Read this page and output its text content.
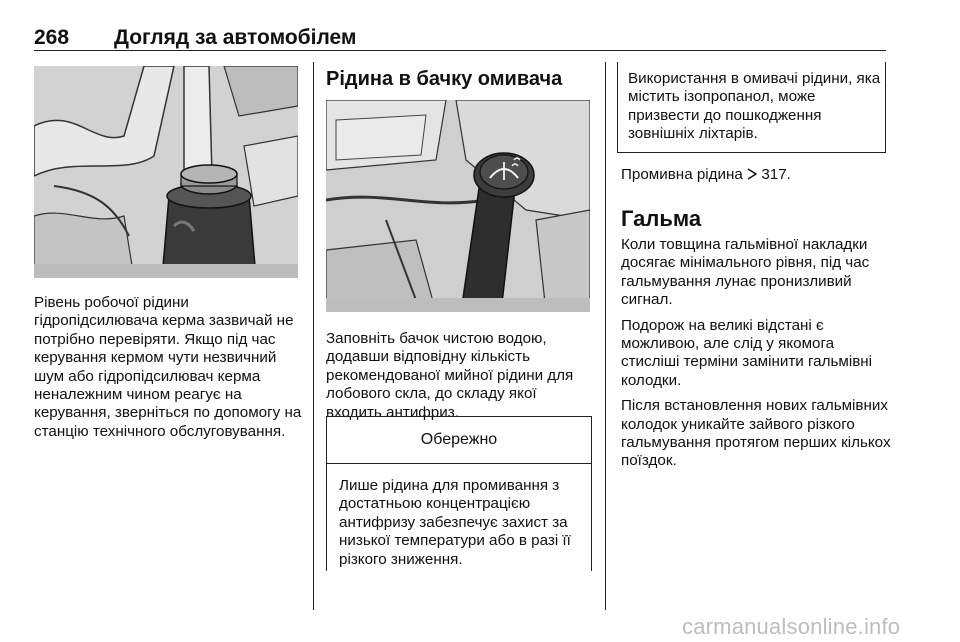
268 Догляд за автомобілем

Рівень робочої рідини гідропідсилювача керма зазвичай не потрібно перевіряти. Якщо під час керування кермом чути незвичний шум або гідропідсилювач керма неналежним чином реагує на керування, зверніться по допомогу на станцію технічного обслуговування.

Рідина в бачку омивача

Заповніть бачок чистою водою, додавши відповідну кількість рекомендованої мийної рідини для лобового скла, до складу якої входить антифриз.

Обережно
Лише рідина для промивання з достатньою концентрацією антифризу забезпечує захист за низької температури або в разі її різкого зниження.
Використання в омивачі рідини, яка містить ізопропанол, може призвести до пошкодження зовнішніх ліхтарів.

Промивна рідина 317.

Гальма

Коли товщина гальмівної накладки досягає мінімального рівня, під час гальмування лунає пронизливий сигнал.

Подорож на великі відстані є можливою, але слід у якомога стисліші терміни замінити гальмівні колодки.

Після встановлення нових гальмівних колодок уникайте зайвого різкого гальмування протягом перших кількох поїздок.

carmanualsonline.info
